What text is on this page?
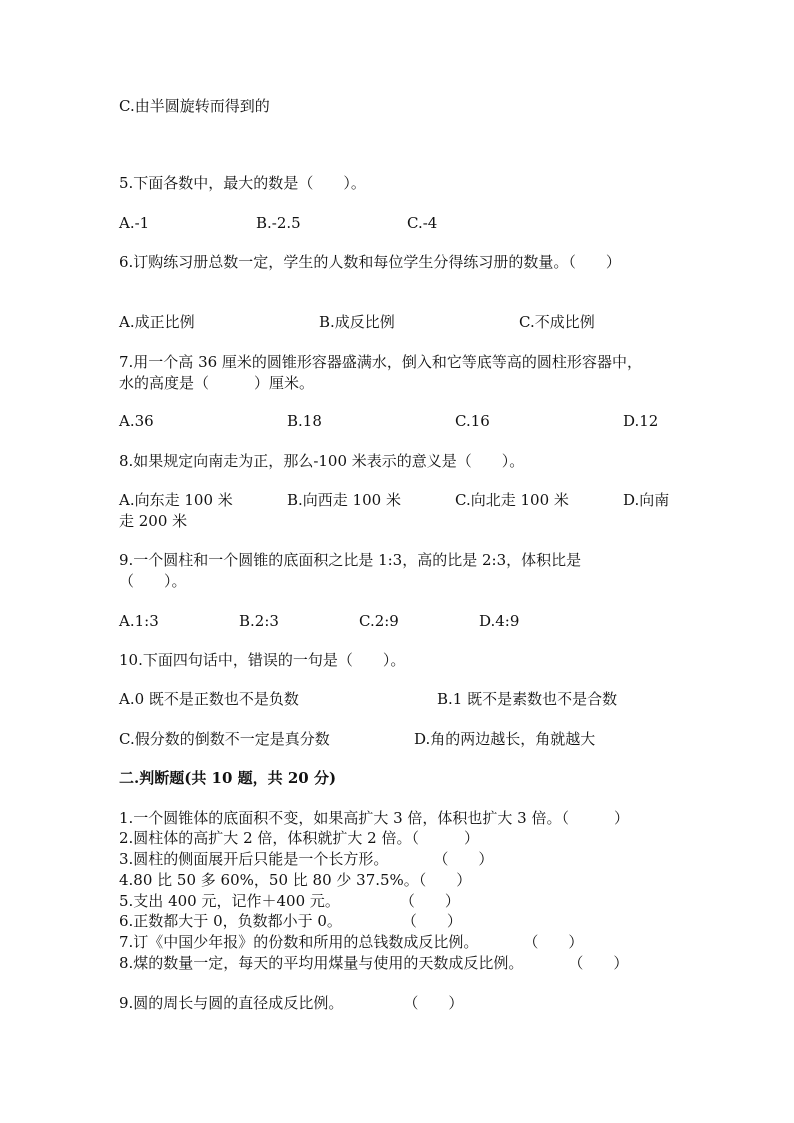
C.由半圆旋转而得到的
5.下面各数中，最大的数是（　　）。
A.-1	B.-2.5	C.-4
6.订购练习册总数一定，学生的人数和每位学生分得练习册的数量。（　　）
A.成正比例	B.成反比例	C.不成比例
7.用一个高 36 厘米的圆锥形容器盛满水，倒入和它等底等高的圆柱形容器中，
水的高度是（　　　）厘米。
A.36	B.18	C.16	D.12
8.如果规定向南走为正，那么-100 米表示的意义是（　　）。
A.向东走 100 米	B.向西走 100 米	C.向北走 100 米	D.向南
走 200 米
9.一个圆柱和一个圆锥的底面积之比是 1:3，高的比是 2:3，体积比是
（　　）。
A.1:3	B.2:3	C.2:9	D.4:9
10.下面四句话中，错误的一句是（　　）。
A.0 既不是正数也不是负数	B.1 既不是素数也不是合数
C.假分数的倒数不一定是真分数	D.角的两边越长，角就越大
二.判断题(共 10 题，共 20 分)
1.一个圆锥体的底面积不变，如果高扩大 3 倍，体积也扩大 3 倍。（　　　）
2.圆柱体的高扩大 2 倍，体积就扩大 2 倍。（　　　）
3.圆柱的侧面展开后只能是一个长方形。　　　　（　　）
4.80 比 50 多 60%，50 比 80 少 37.5%。（　　）
5.支出 400 元，记作＋400 元。　　　　　（　　）
6.正数都大于 0，负数都小于 0。　　　　　（　　）
7.订《中国少年报》的份数和所用的总钱数成反比例。　　　　（　　）
8.煤的数量一定，每天的平均用煤量与使用的天数成反比例。　　　　（　　）
9.圆的周长与圆的直径成反比例。　　　　　（　　）
